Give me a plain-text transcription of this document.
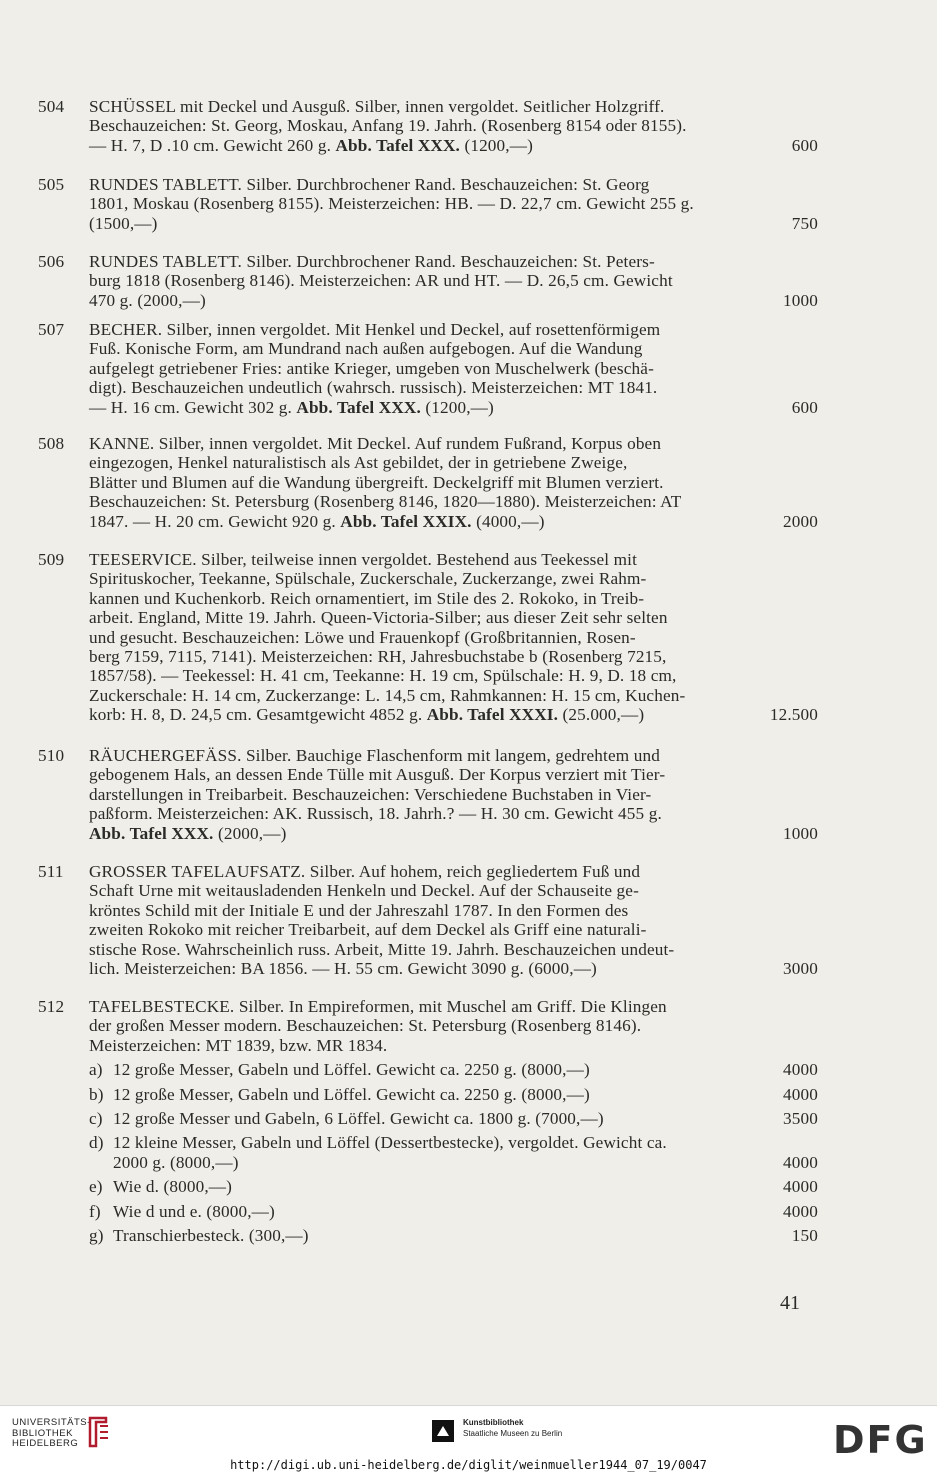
504	SCHÜSSEL mit Deckel und Ausguß. Silber, innen vergoldet. Seitlicher Holzgriff.

Beschauzeichen: St. Georg, Moskau, Anfang 19. Jahrh. (Rosenberg 8154 oder 8155).

— H. 7, D .10 cm. Gewicht 260 g. Abb. Tafel XXX. (1200,—)	600
505	RUNDES TABLETT. Silber. Durchbrochener Rand. Beschauzeichen: St. Georg

1801, Moskau (Rosenberg 8155). Meisterzeichen: HB. — D. 22,7 cm. Gewicht 255 g.

(1500,—)	750
506	RUNDES TABLETT. Silber. Durchbrochener Rand. Beschauzeichen: St. Peters-

burg 1818 (Rosenberg 8146). Meisterzeichen: AR und HT. — D. 26,5 cm. Gewicht

470 g. (2000,—)	1000
507	BECHER. Silber, innen vergoldet. Mit Henkel und Deckel, auf rosettenförmigem

Fuß. Konische Form, am Mundrand nach außen aufgebogen. Auf die Wandung

aufgelegt getriebener Fries: antike Krieger, umgeben von Muschelwerk (beschä-

digt). Beschauzeichen undeutlich (wahrsch. russisch). Meisterzeichen: MT 1841.

— H. 16 cm. Gewicht 302 g. Abb. Tafel XXX. (1200,—)	600
508	KANNE. Silber, innen vergoldet. Mit Deckel. Auf rundem Fußrand, Korpus oben

eingezogen, Henkel naturalistisch als Ast gebildet, der in getriebene Zweige,

Blätter und Blumen auf die Wandung übergreift. Deckelgriff mit Blumen verziert.

Beschauzeichen: St. Petersburg (Rosenberg 8146, 1820—1880). Meisterzeichen: AT

1847. — H. 20 cm. Gewicht 920 g. Abb. Tafel XXIX. (4000,—)	2000
509	TEESERVICE. Silber, teilweise innen vergoldet. Bestehend aus Teekessel mit

Spirituskocher, Teekanne, Spülschale, Zuckerschale, Zuckerzange, zwei Rahm-

kannen und Kuchenkorb. Reich ornamentiert, im Stile des 2. Rokoko, in Treib-

arbeit. England, Mitte 19. Jahrh. Queen-Victoria-Silber; aus dieser Zeit sehr selten

und gesucht. Beschauzeichen: Löwe und Frauenkopf (Großbritannien, Rosen-

berg 7159, 7115, 7141). Meisterzeichen: RH, Jahresbuchstabe b (Rosenberg 7215,

1857/58). — Teekessel: H. 41 cm, Teekanne: H. 19 cm, Spülschale: H. 9, D. 18 cm,

Zuckerschale: H. 14 cm, Zuckerzange: L. 14,5 cm, Rahmkannen: H. 15 cm, Kuchen-

korb: H. 8, D. 24,5 cm. Gesamtgewicht 4852 g. Abb. Tafel XXXI. (25.000,—)	12.500
510	RÄUCHERGEFÄSS. Silber. Bauchige Flaschenform mit langem, gedrehtem und

gebogenem Hals, an dessen Ende Tülle mit Ausguß. Der Korpus verziert mit Tier-

darstellungen in Treibarbeit. Beschauzeichen: Verschiedene Buchstaben in Vier-

paßform. Meisterzeichen: AK. Russisch, 18. Jahrh.? — H. 30 cm. Gewicht 455 g.

Abb. Tafel XXX. (2000,—)	1000
511	GROSSER TAFELAUFSATZ. Silber. Auf hohem, reich gegliedertem Fuß und

Schaft Urne mit weitausladenden Henkeln und Deckel. Auf der Schauseite ge-

kröntes Schild mit der Initiale E und der Jahreszahl 1787. In den Formen des

zweiten Rokoko mit reicher Treibarbeit, auf dem Deckel als Griff eine naturali-

stische Rose. Wahrscheinlich russ. Arbeit, Mitte 19. Jahrh. Beschauzeichen undeut-

lich. Meisterzeichen: BA 1856. — H. 55 cm. Gewicht 3090 g. (6000,—)	3000
512	TAFELBESTECKE. Silber. In Empireformen, mit Muschel am Griff. Die Klingen

der großen Messer modern. Beschauzeichen: St. Petersburg (Rosenberg 8146).

Meisterzeichen: MT 1839, bzw. MR 1834.

a) 12 große Messer, Gabeln und Löffel. Gewicht ca. 2250 g. (8000,—)	4000
b) 12 große Messer, Gabeln und Löffel. Gewicht ca. 2250 g. (8000,—)	4000
c) 12 große Messer und Gabeln, 6 Löffel. Gewicht ca. 1800 g. (7000,—)	3500
d) 12 kleine Messer, Gabeln und Löffel (Dessertbestecke), vergoldet. Gewicht ca.

2000 g. (8000,—)	4000
e) Wie d. (8000,—)	4000
f) Wie d und e. (8000,—)	4000
g) Transchierbesteck. (300,—)	150
41
UNIVERSITÄTS-
BIBLIOTHEK
HEIDELBERG
Kunstbibliothek
Staatliche Museen zu Berlin	DFG
http://digi.ub.uni-heidelberg.de/diglit/weinmueller1944_07_19/0047
